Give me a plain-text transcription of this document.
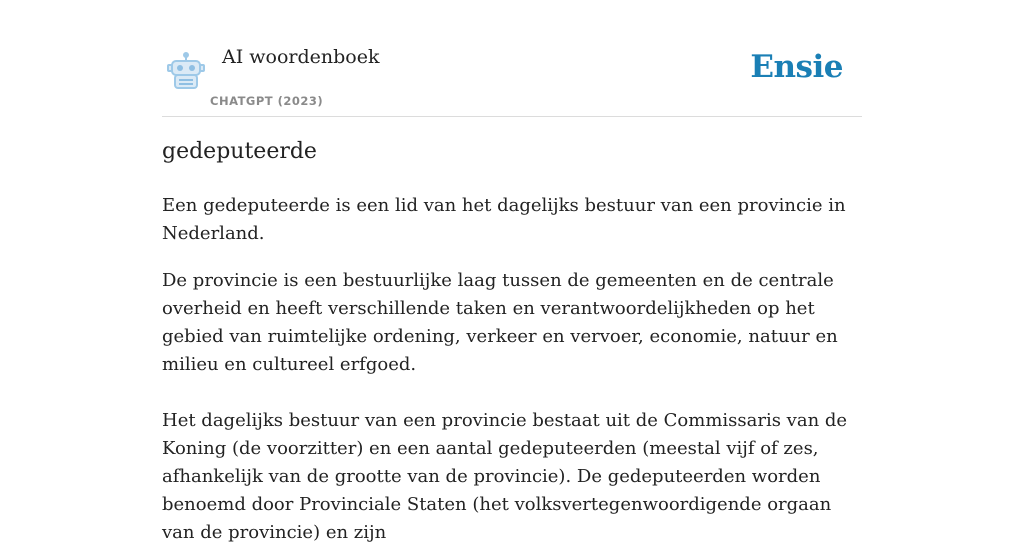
AI woordenboek
CHATGPT (2023)
Ensie
gedeputeerde

Een gedeputeerde is een lid van het dagelijks bestuur van een provincie in Nederland.

De provincie is een bestuurlijke laag tussen de gemeenten en de centrale overheid en heeft verschillende taken en verantwoordelijkheden op het gebied van ruimtelijke ordening, verkeer en vervoer, economie, natuur en milieu en cultureel erfgoed.

Het dagelijks bestuur van een provincie bestaat uit de Commissaris van de Koning (de voorzitter) en een aantal gedeputeerden (meestal vijf of zes, afhankelijk van de grootte van de provincie). De gedeputeerden worden benoemd door Provinciale Staten (het volksvertegenwoordigende orgaan van de provincie) en zijn
